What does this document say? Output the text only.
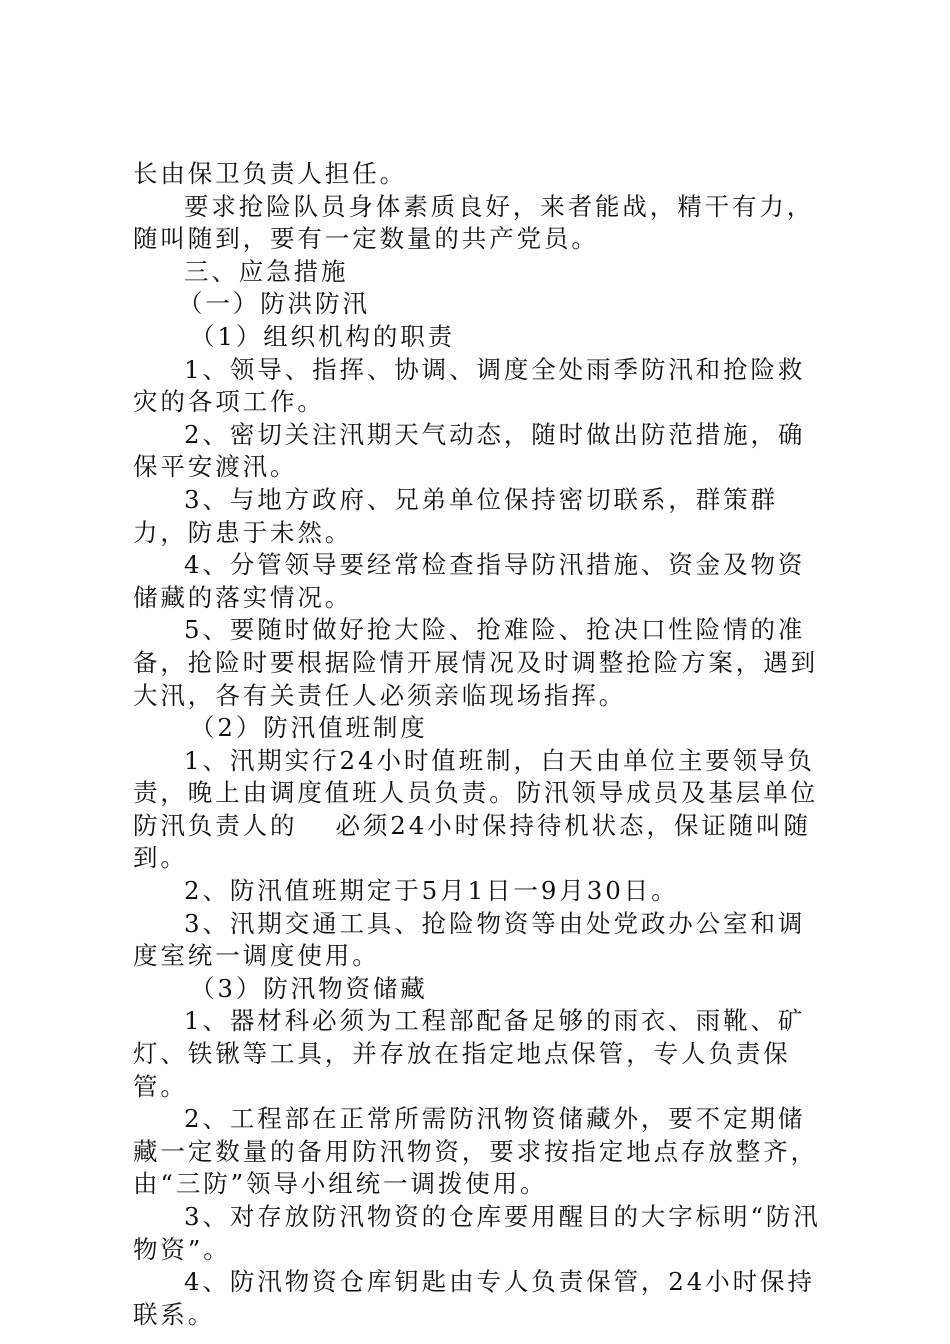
长由保卫负责人担任。

要求抢险队员身体素质良好，来者能战，精干有力，随叫随到，要有一定数量的共产党员。

三、应急措施

（一）防洪防汛

（1）组织机构的职责

1、领导、指挥、协调、调度全处雨季防汛和抢险救灾的各项工作。

2、密切关注汛期天气动态，随时做出防范措施，确保平安渡汛。

3、与地方政府、兄弟单位保持密切联系，群策群力，防患于未然。

4、分管领导要经常检查指导防汛措施、资金及物资储藏的落实情况。

5、要随时做好抢大险、抢难险、抢决口性险情的准备，抢险时要根据险情开展情况及时调整抢险方案，遇到大汛，各有关责任人必须亲临现场指挥。

（2）防汛值班制度

1、汛期实行24小时值班制，白天由单位主要领导负责，晚上由调度值班人员负责。防汛领导成员及基层单位防汛负责人的　 必须24小时保持待机状态，保证随叫随到。

2、防汛值班期定于5月1日一9月30日。

3、汛期交通工具、抢险物资等由处党政办公室和调度室统一调度使用。

（3）防汛物资储藏

1、器材科必须为工程部配备足够的雨衣、雨靴、矿灯、铁锹等工具，并存放在指定地点保管，专人负责保管。

2、工程部在正常所需防汛物资储藏外，要不定期储藏一定数量的备用防汛物资，要求按指定地点存放整齐，由“三防”领导小组统一调拨使用。

3、对存放防汛物资的仓库要用醒目的大字标明“防汛物资”。

4、防汛物资仓库钥匙由专人负责保管，24小时保持联系。
